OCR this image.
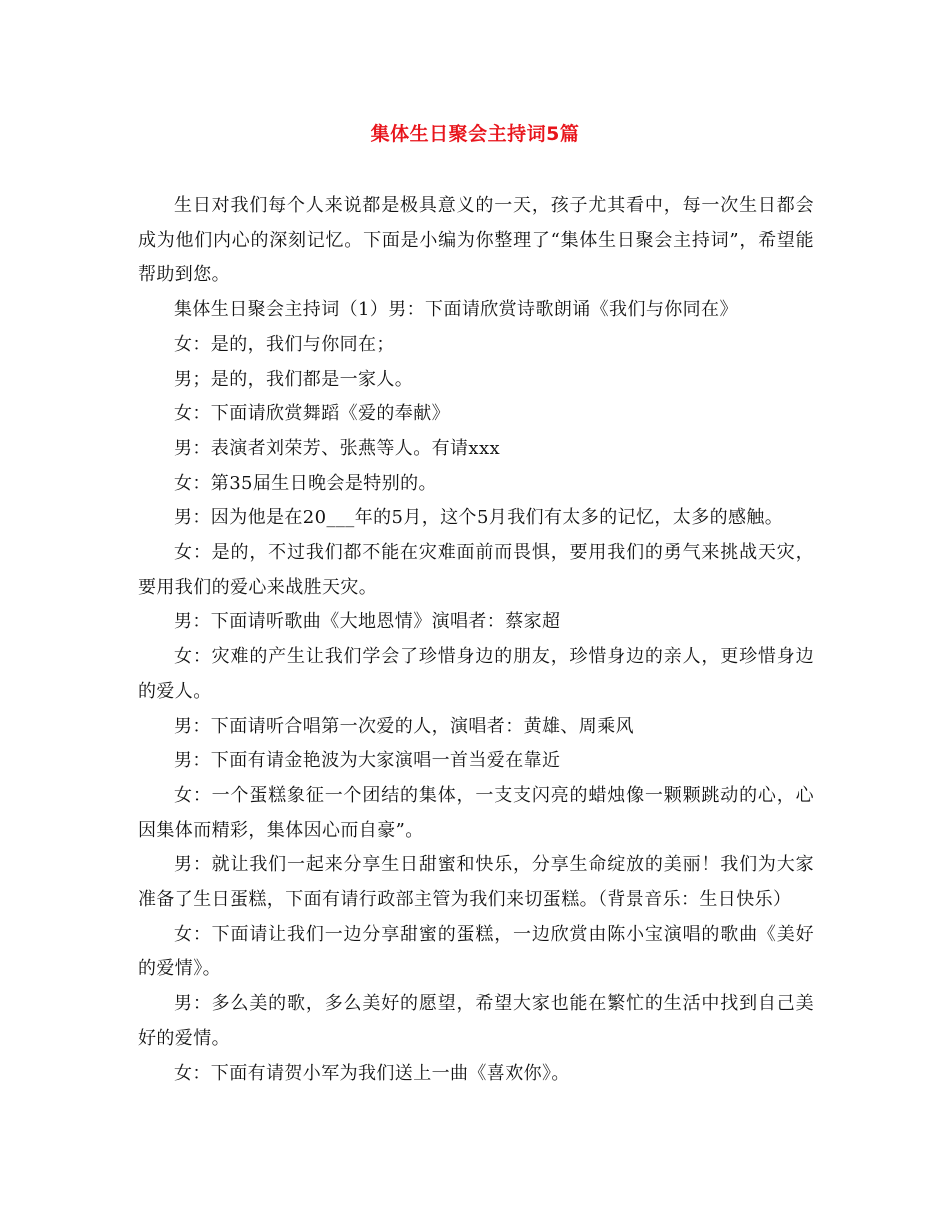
集体生日聚会主持词5篇

生日对我们每个人来说都是极具意义的一天，孩子尤其看中，每一次生日都会成为他们内心的深刻记忆。下面是小编为你整理了“集体生日聚会主持词”，希望能帮助到您。

集体生日聚会主持词（1）男：下面请欣赏诗歌朗诵《我们与你同在》

女：是的，我们与你同在；

男；是的，我们都是一家人。

女：下面请欣赏舞蹈《爱的奉献》

男：表演者刘荣芳、张燕等人。有请xxx

女：第35届生日晚会是特别的。

男：因为他是在20___年的5月，这个5月我们有太多的记忆，太多的感触。

女：是的，不过我们都不能在灾难面前而畏惧，要用我们的勇气来挑战天灾，要用我们的爱心来战胜天灾。

男：下面请听歌曲《大地恩情》演唱者：蔡家超

女：灾难的产生让我们学会了珍惜身边的朋友，珍惜身边的亲人，更珍惜身边的爱人。

男：下面请听合唱第一次爱的人，演唱者：黄雄、周乘风

男：下面有请金艳波为大家演唱一首当爱在靠近

女：一个蛋糕象征一个团结的集体，一支支闪亮的蜡烛像一颗颗跳动的心，心因集体而精彩，集体因心而自豪”。

男：就让我们一起来分享生日甜蜜和快乐，分享生命绽放的美丽！我们为大家准备了生日蛋糕，下面有请行政部主管为我们来切蛋糕。（背景音乐：生日快乐）

女：下面请让我们一边分享甜蜜的蛋糕，一边欣赏由陈小宝演唱的歌曲《美好的爱情》。

男：多么美的歌，多么美好的愿望，希望大家也能在繁忙的生活中找到自己美好的爱情。

女：下面有请贺小军为我们送上一曲《喜欢你》。
